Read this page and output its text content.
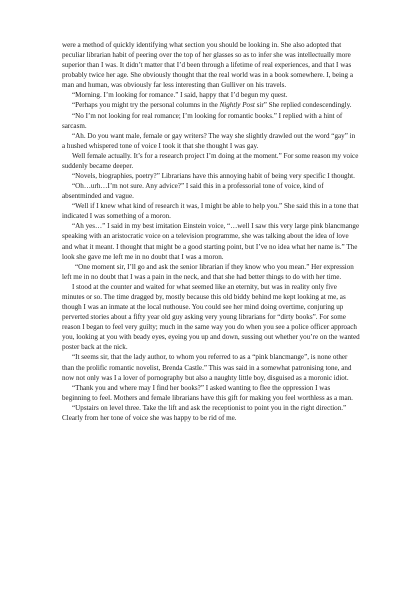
were a method of quickly identifying what section you should be looking in. She also adopted that peculiar librarian habit of peering over the top of her glasses so as to infer she was intellectually more superior than I was. It didn’t matter that I’d been through a lifetime of real experiences, and that I was probably twice her age. She obviously thought that the real world was in a book somewhere. I, being a man and human, was obviously far less interesting than Gulliver on his travels.

“Morning. I’m looking for romance.” I said, happy that I’d begun my quest.

“Perhaps you might try the personal columns in the Nightly Post sir” She replied condescendingly.

“No I’m not looking for real romance; I’m looking for romantic books.” I replied with a hint of sarcasm.

“Ah. Do you want male, female or gay writers? The way she slightly drawled out the word “gay” in a hushed whispered tone of voice I took it that she thought I was gay.

Well female actually. It’s for a research project I’m doing at the moment.” For some reason my voice suddenly became deeper.

“Novels, biographies, poetry?” Librarians have this annoying habit of being very specific I thought.

“Oh…urh…I’m not sure. Any advice?” I said this in a professorial tone of voice, kind of absentminded and vague.

“Well if I knew what kind of research it was, I might be able to help you.” She said this in a tone that indicated I was something of a moron.

“Ah yes…” I said in my best imitation Einstein voice, “…well I saw this very large pink blancmange speaking with an aristocratic voice on a television programme, she was talking about the idea of love and what it meant. I thought that might be a good starting point, but I’ve no idea what her name is.” The look she gave me left me in no doubt that I was a moron.

“One moment sir, I’ll go and ask the senior librarian if they know who you mean.” Her expression left me in no doubt that I was a pain in the neck, and that she had better things to do with her time.

I stood at the counter and waited for what seemed like an eternity, but was in reality only five minutes or so. The time dragged by, mostly because this old biddy behind me kept looking at me, as though I was an inmate at the local nuthouse. You could see her mind doing overtime, conjuring up perverted stories about a fifty year old guy asking very young librarians for “dirty books”. For some reason I began to feel very guilty; much in the same way you do when you see a police officer approach you, looking at you with beady eyes, eyeing you up and down, sussing out whether you’re on the wanted poster back at the nick.

“It seems sir, that the lady author, to whom you referred to as a “pink blancmange”, is none other than the prolific romantic novelist, Brenda Castle.” This was said in a somewhat patronising tone, and now not only was I a lover of pornography but also a naughty little boy, disguised as a moronic idiot.

“Thank you and where may I find her books?” I asked wanting to flee the oppression I was beginning to feel. Mothers and female librarians have this gift for making you feel worthless as a man.

“Upstairs on level three. Take the lift and ask the receptionist to point you in the right direction.” Clearly from her tone of voice she was happy to be rid of me.
